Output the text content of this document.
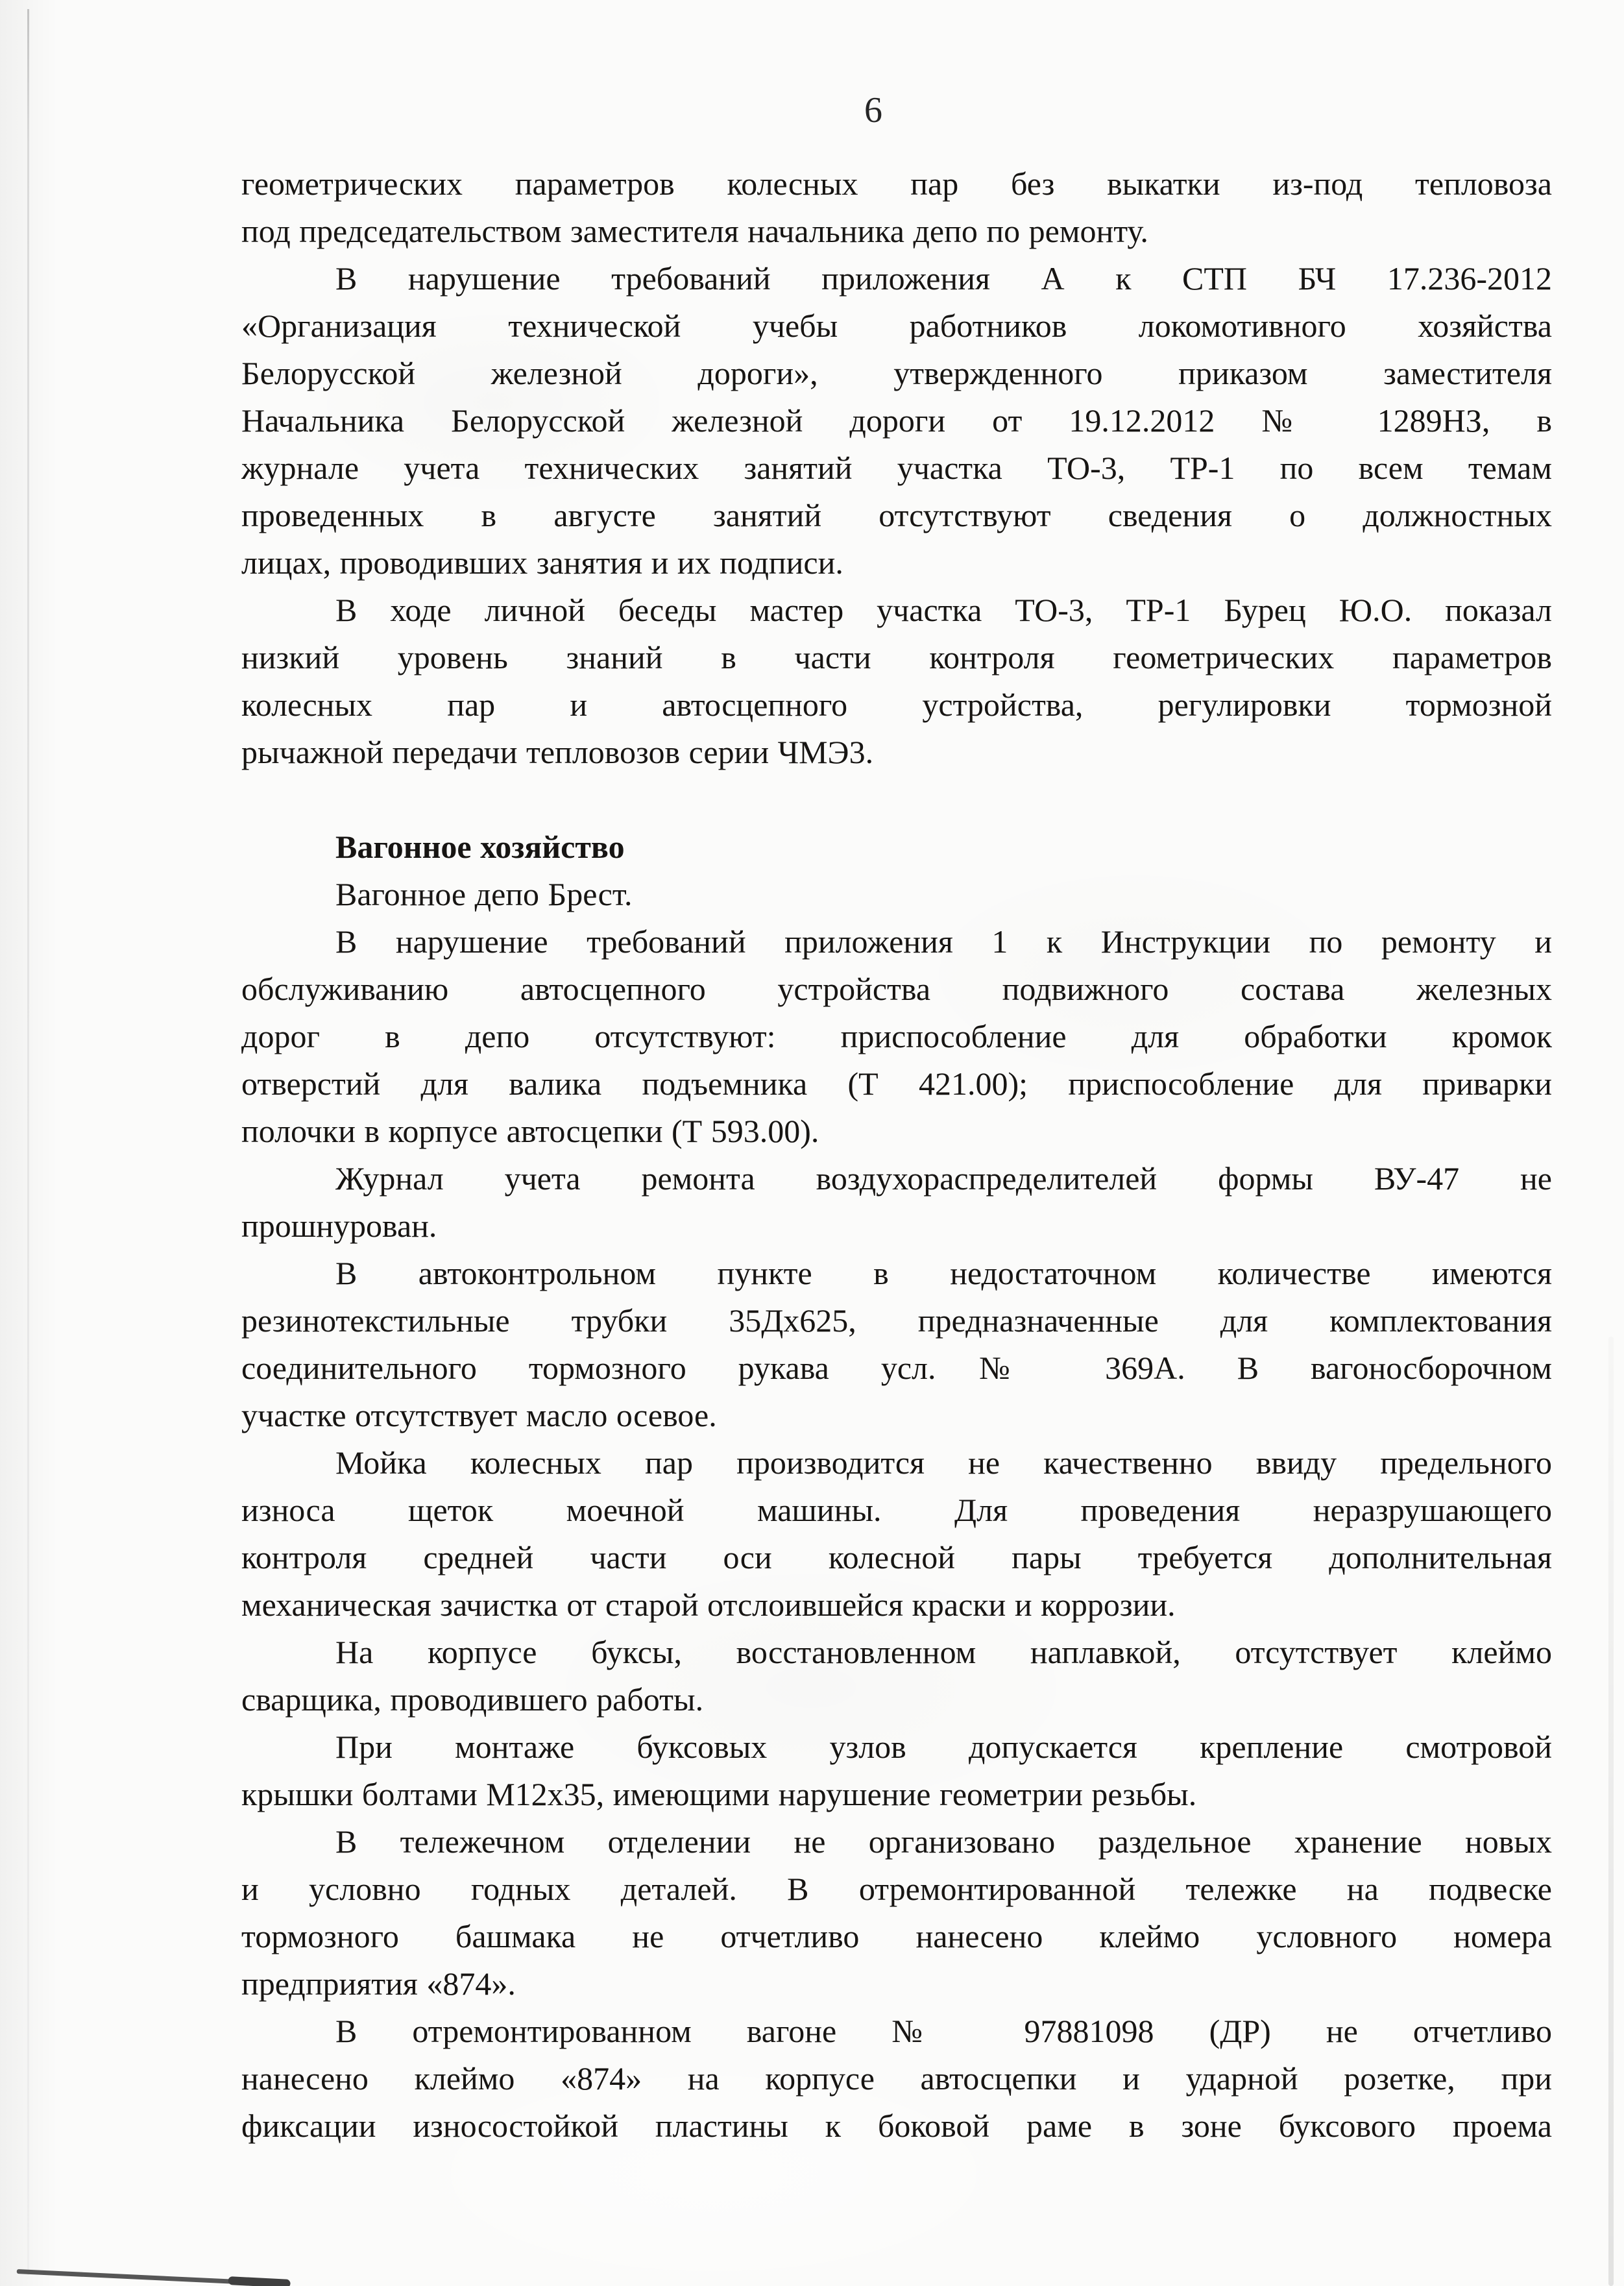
6
геометрических параметров колесных пар без выкатки из-под тепловоза
под председательством заместителя начальника депо по ремонту.
В нарушение требований приложения А к СТП БЧ 17.236-2012
«Организация технической учебы работников локомотивного хозяйства
Белорусской железной дороги», утвержденного приказом заместителя
Начальника Белорусской железной дороги от 19.12.2012 № 1289НЗ, в
журнале учета технических занятий участка ТО-3, ТР-1 по всем темам
проведенных в августе занятий отсутствуют сведения о должностных
лицах, проводивших занятия и их подписи.
В ходе личной беседы мастер участка ТО-3, ТР-1 Бурец Ю.О. показал
низкий уровень знаний в части контроля геометрических параметров
колесных пар и автосцепного устройства, регулировки тормозной
рычажной передачи тепловозов серии ЧМЭ3.
Вагонное хозяйство
Вагонное депо Брест.
В нарушение требований приложения 1 к Инструкции по ремонту и
обслуживанию автосцепного устройства подвижного состава железных
дорог в депо отсутствуют: приспособление для обработки кромок
отверстий для валика подъемника (Т 421.00); приспособление для приварки
полочки в корпусе автосцепки (Т 593.00).
Журнал учета ремонта воздухораспределителей формы ВУ-47 не
прошнурован.
В автоконтрольном пункте в недостаточном количестве имеются
резинотекстильные трубки 35Дх625, предназначенные для комплектования
соединительного тормозного рукава усл.№ 369А. В вагоносборочном
участке отсутствует масло осевое.
Мойка колесных пар производится не качественно ввиду предельного
износа щеток моечной машины. Для проведения неразрушающего
контроля средней части оси колесной пары требуется дополнительная
механическая зачистка от старой отслоившейся краски и коррозии.
На корпусе буксы, восстановленном наплавкой, отсутствует клеймо
сварщика, проводившего работы.
При монтаже буксовых узлов допускается крепление смотровой
крышки болтами М12х35, имеющими нарушение геометрии резьбы.
В тележечном отделении не организовано раздельное хранение новых
и условно годных деталей. В отремонтированной тележке на подвеске
тормозного башмака не отчетливо нанесено клеймо условного номера
предприятия «874».
В отремонтированном вагоне № 97881098 (ДР) не отчетливо
нанесено клеймо «874» на корпусе автосцепки и ударной розетке, при
фиксации износостойкой пластины к боковой раме в зоне буксового проема
